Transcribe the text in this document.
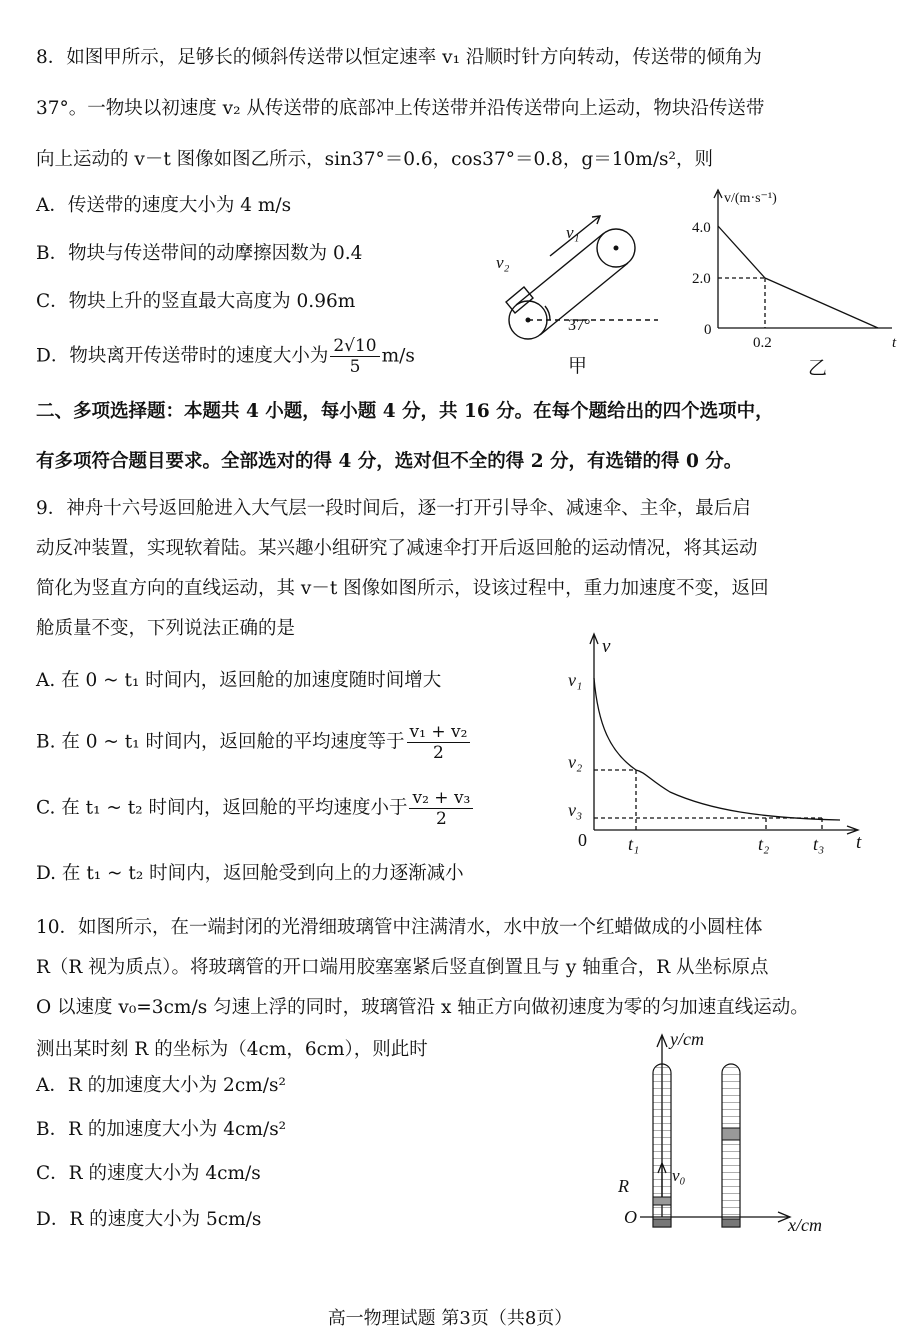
8．如图甲所示，足够长的倾斜传送带以恒定速率 v₁ 沿顺时针方向转动，传送带的倾角为
37°。一物块以初速度 v₂ 从传送带的底部冲上传送带并沿传送带向上运动，物块沿传送带
向上运动的 v－t 图像如图乙所示，sin37°＝0.6，cos37°＝0.8，g＝10m/s²，则
A．传送带的速度大小为 4 m/s
B．物块与传送带间的动摩擦因数为 0.4
C．物块上升的竖直最大高度为 0.96m
D．物块离开传送带时的速度大小为 $\frac{2√10}{5} m/s$
v₁
v₂
37°
甲
v/(m·s⁻¹)
4.0
2.0
0
0.2	t
乙
二、多项选择题：本题共 4 小题，每小题 4 分，共 16 分。在每个题给出的四个选项中，
有多项符合题目要求。全部选对的得 4 分，选对但不全的得 2 分，有选错的得 0 分。
9．神舟十六号返回舱进入大气层一段时间后，逐一打开引导伞、减速伞、主伞，最后启
动反冲装置，实现软着陆。某兴趣小组研究了减速伞打开后返回舱的运动情况，将其运动
简化为竖直方向的直线运动，其 v－t 图像如图所示，设该过程中，重力加速度不变，返回
舱质量不变，下列说法正确的是
A. 在 0 ~ t₁ 时间内，返回舱的加速度随时间增大
B. 在 0 ~ t₁ 时间内，返回舱的平均速度等于 $\frac{\text{v₁ + v₂}}{2}$
C. 在 t₁ ~ t₂ 时间内，返回舱的平均速度小于 $\frac{\text{v₂ + v₃}}{2}$
D. 在 t₁ ~ t₂ 时间内，返回舱受到向上的力逐渐减小
v
v₁
v₂
v₃
0 t₁	t₂ t₃ t
10．如图所示，在一端封闭的光滑细玻璃管中注满清水，水中放一个红蜡做成的小圆柱体
R（R 视为质点）。将玻璃管的开口端用胶塞塞紧后竖直倒置且与 y 轴重合，R 从坐标原点
O 以速度 v₀=3cm/s 匀速上浮的同时，玻璃管沿 x 轴正方向做初速度为零的匀加速直线运动。
测出某时刻 R 的坐标为（4cm，6cm），则此时
A．R 的加速度大小为 2cm/s²
B．R 的加速度大小为 4cm/s²
C．R 的速度大小为 4cm/s
D．R 的速度大小为 5cm/s
y/cm
v₀
R
O	x/cm
高一物理试题 第3页（共8页）
